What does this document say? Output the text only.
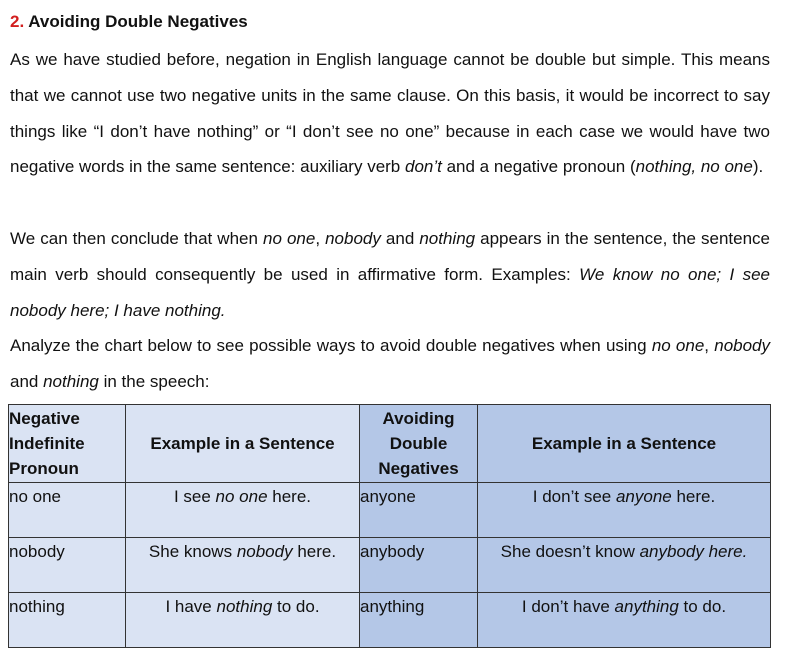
2. Avoiding Double Negatives

As we have studied before, negation in English language cannot be double but simple. This means that we cannot use two negative units in the same clause. On this basis, it would be incorrect to say things like “I don’t have nothing” or “I don’t see no one” because in each case we would have two negative words in the same sentence: auxiliary verb don’t and a negative pronoun (nothing, no one).

We can then conclude that when no one, nobody and nothing appears in the sentence, the sentence main verb should consequently be used in affirmative form. Examples: We know no one; I see nobody here; I have nothing.

Analyze the chart below to see possible ways to avoid double negatives when using no one, nobody and nothing in the speech:

Negative Indefinite Pronoun	Example in a Sentence	Avoiding Double Negatives	Example in a Sentence
no one	I see no one here.	anyone	I don’t see anyone here.
nobody	She knows nobody here.	anybody	She doesn’t know anybody here.
nothing	I have nothing to do.	anything	I don’t have anything to do.
